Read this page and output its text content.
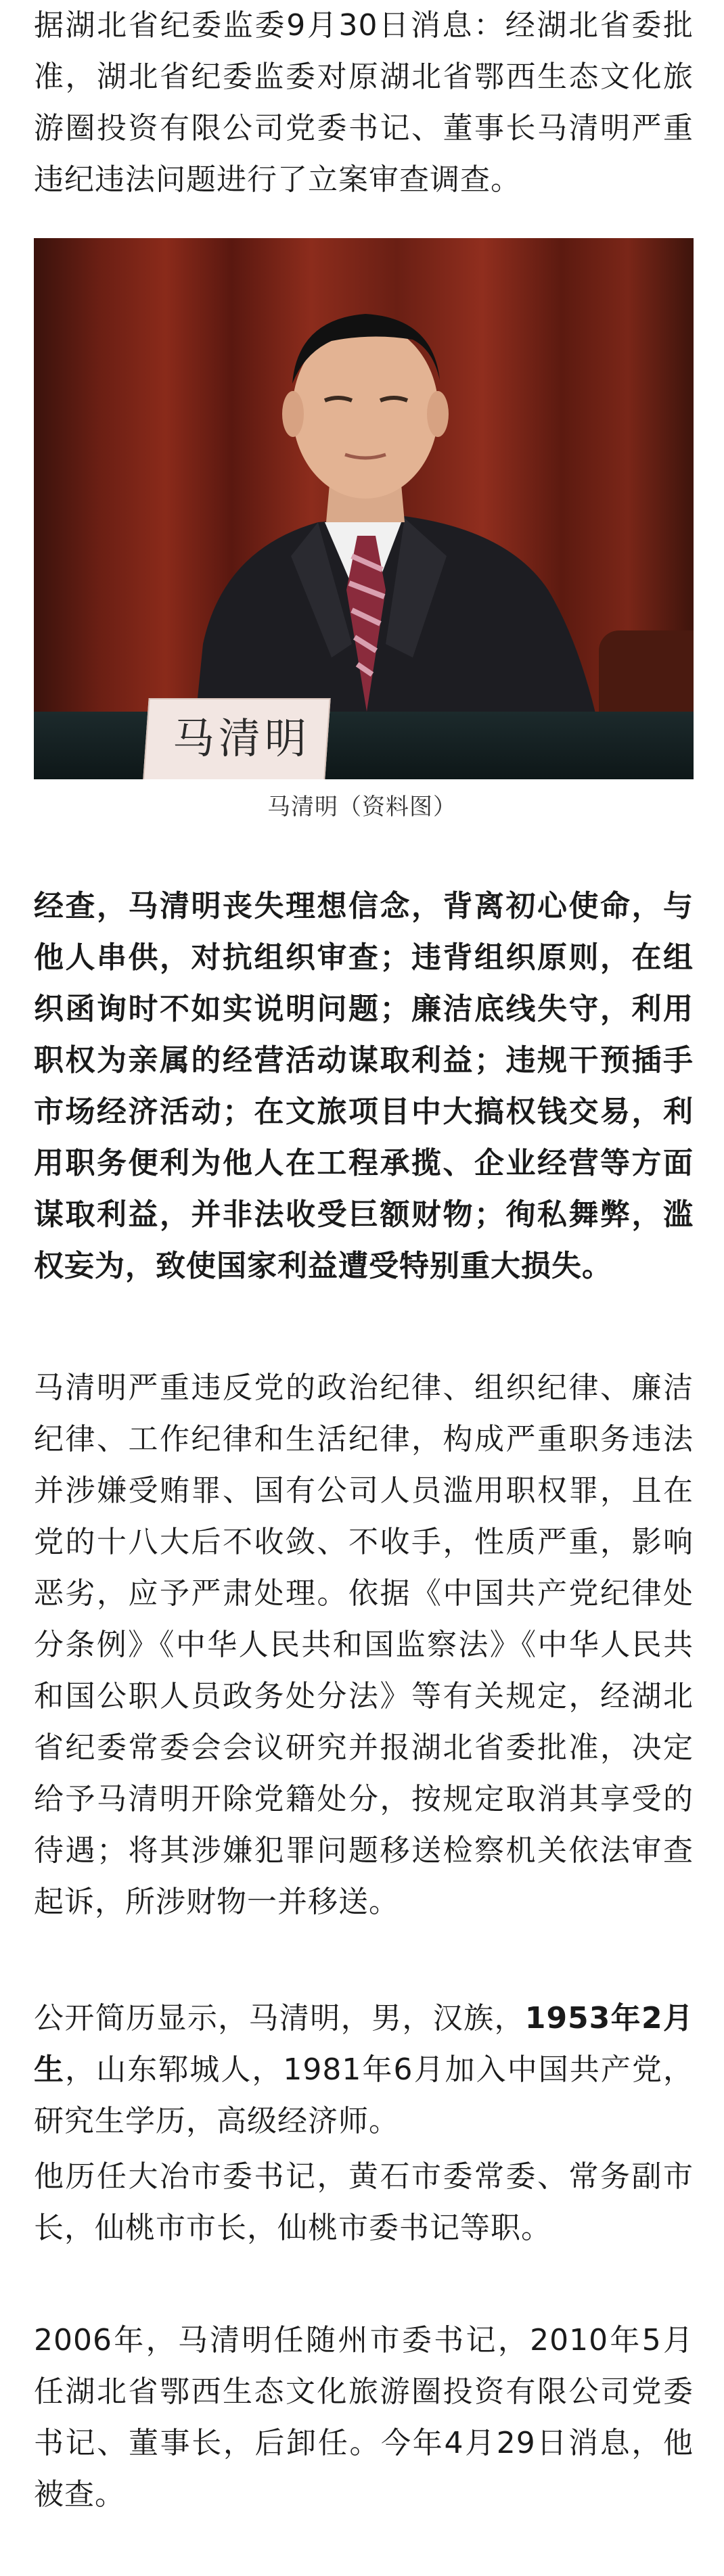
据湖北省纪委监委9月30日消息：经湖北省委批准，湖北省纪委监委对原湖北省鄂西生态文化旅游圈投资有限公司党委书记、董事长马清明严重违纪违法问题进行了立案审查调查。

马清明
马清明（资料图）

经查，马清明丧失理想信念，背离初心使命，与他人串供，对抗组织审查；违背组织原则，在组织函询时不如实说明问题；廉洁底线失守，利用职权为亲属的经营活动谋取利益；违规干预插手市场经济活动；在文旅项目中大搞权钱交易，利用职务便利为他人在工程承揽、企业经营等方面谋取利益，并非法收受巨额财物；徇私舞弊，滥权妄为，致使国家利益遭受特别重大损失。

马清明严重违反党的政治纪律、组织纪律、廉洁纪律、工作纪律和生活纪律，构成严重职务违法并涉嫌受贿罪、国有公司人员滥用职权罪，且在党的十八大后不收敛、不收手，性质严重，影响恶劣，应予严肃处理。依据《中国共产党纪律处分条例》《中华人民共和国监察法》《中华人民共和国公职人员政务处分法》等有关规定，经湖北省纪委常委会会议研究并报湖北省委批准，决定给予马清明开除党籍处分，按规定取消其享受的待遇；将其涉嫌犯罪问题移送检察机关依法审查起诉，所涉财物一并移送。

公开简历显示，马清明，男，汉族，1953年2月生，山东郓城人，1981年6月加入中国共产党，研究生学历，高级经济师。

他历任大冶市委书记，黄石市委常委、常务副市长，仙桃市市长，仙桃市委书记等职。

2006年，马清明任随州市委书记，2010年5月任湖北省鄂西生态文化旅游圈投资有限公司党委书记、董事长，后卸任。今年4月29日消息，他被查。
